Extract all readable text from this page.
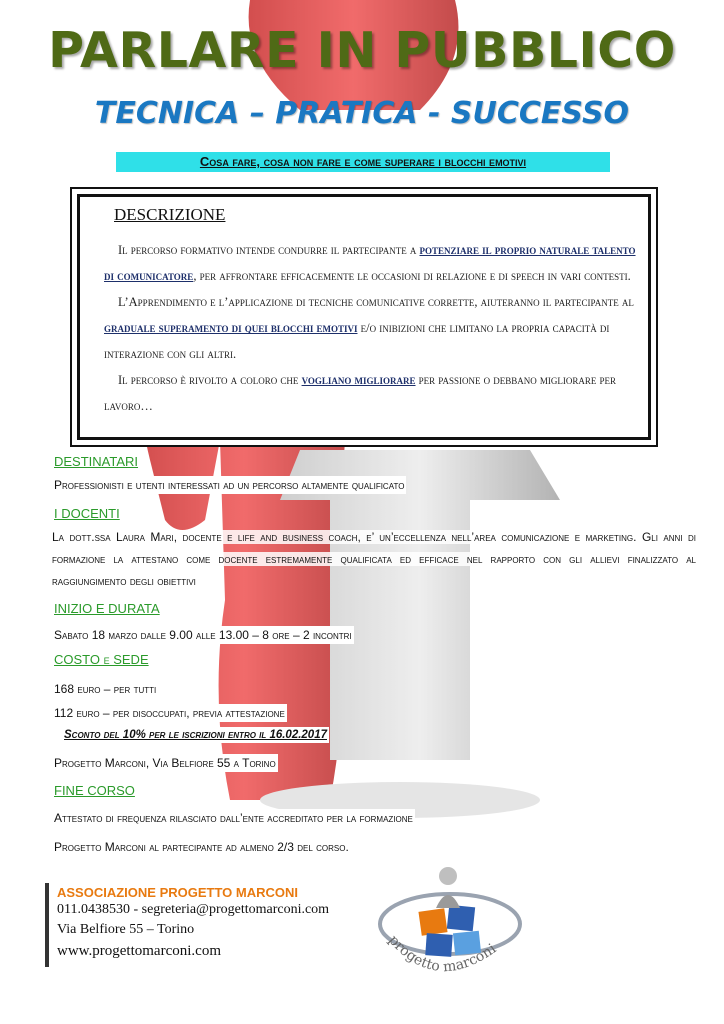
PARLARE IN PUBBLICO
TECNICA – PRATICA - SUCCESSO
Cosa fare, cosa non fare e come superare i blocchi emotivi
DESCRIZIONE

Il percorso formativo intende condurre il partecipante a potenziare il proprio naturale talento di comunicatore, per affrontare efficacemente le occasioni di relazione e di speech in vari contesti.

L’Apprendimento e l’applicazione di tecniche comunicative corrette, aiuteranno il partecipante al graduale superamento di quei blocchi emotivi e/o inibizioni che limitano la propria capacità di interazione con gli altri.

Il percorso è rivolto a coloro che vogliano migliorare per passione o debbano migliorare per lavoro…

DESTINATARI
Professionisti e utenti interessati ad un percorso altamente qualificato
I DOCENTI
La dott.ssa Laura Mari, docente e life and business coach, e’ un’eccellenza nell’area comunicazione e marketing. Gli anni di formazione la attestano come docente estremamente qualificata ed efficace nel rapporto con gli allievi finalizzato al raggiungimento degli obiettivi
INIZIO E DURATA
Sabato 18 marzo dalle 9.00 alle 13.00 – 8 ore – 2 incontri
COSTO e SEDE
168 euro – per tutti
112 euro – per disoccupati, previa attestazione
Sconto del 10% per le iscrizioni entro il 16.02.2017
Progetto Marconi, Via Belfiore 55 a Torino
FINE CORSO
Attestato di frequenza rilasciato dall’ente accreditato per la formazione
Progetto Marconi al partecipante ad almeno 2/3 del corso.
ASSOCIAZIONE PROGETTO MARCONI
011.0438530 - segreteria@progettomarconi.com
Via Belfiore 55 – Torino
www.progettomarconi.com
progetto marconi
